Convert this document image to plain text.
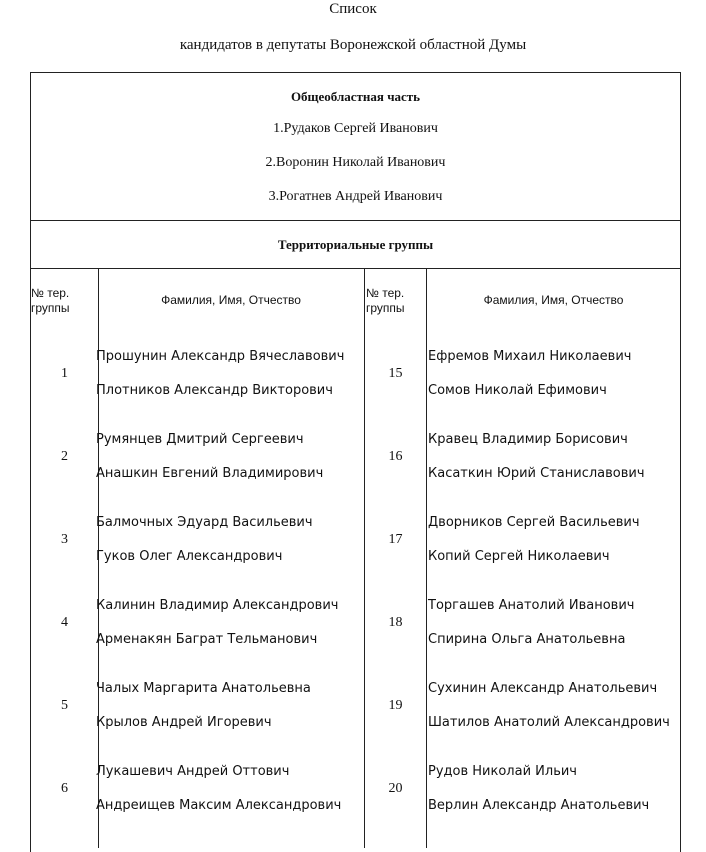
Список
кандидатов в депутаты Воронежской областной Думы
Общеобластная часть
1.Рудаков Сергей Иванович
2.Воронин Николай Иванович
3.Рогатнев Андрей Иванович
Территориальные группы
№ тер. группы
Фамилия, Имя, Отчество	№ тер. группы
Фамилия, Имя, Отчество
1
Прошунин Александр Вячеславович
Плотников Александр Викторович
2
Румянцев Дмитрий Сергеевич
Анашкин Евгений Владимирович
3
Балмочных Эдуард Васильевич
Гуков Олег Александрович
4
Калинин Владимир Александрович
Арменакян Баграт Тельманович
5
Чалых Маргарита Анатольевна
Крылов Андрей Игоревич
6
Лукашевич Андрей Оттович
Андреищев Максим Александрович
15
Ефремов Михаил Николаевич
Сомов Николай Ефимович
16
Кравец Владимир Борисович
Касаткин Юрий Станиславович
17
Дворников Сергей Васильевич
Копий Сергей Николаевич
18
Торгашев Анатолий Иванович
Спирина Ольга Анатольевна
19
Сухинин Александр Анатольевич
Шатилов Анатолий Александрович
20
Рудов Николай Ильич
Верлин Александр Анатольевич
